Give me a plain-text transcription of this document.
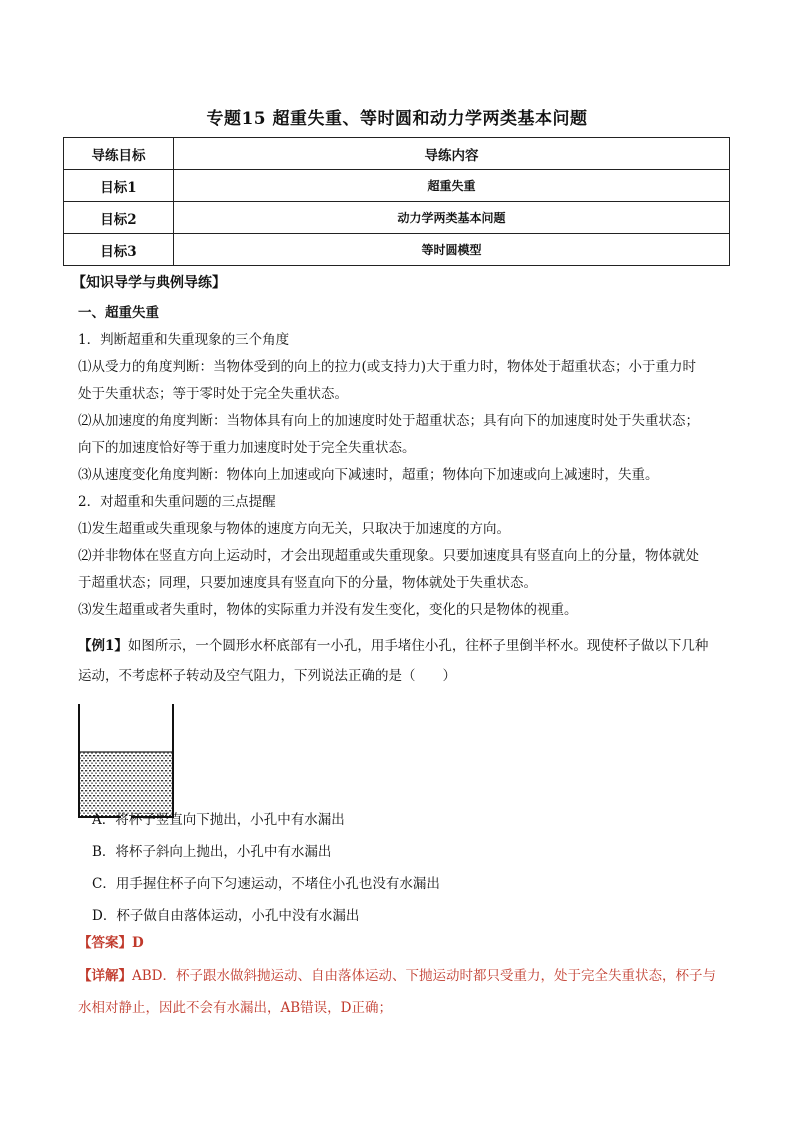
专题15 超重失重、等时圆和动力学两类基本问题
导练目标	导练内容
目标1	超重失重
目标2	动力学两类基本问题
目标3	等时圆模型
【知识导学与典例导练】
一、超重失重
1．判断超重和失重现象的三个角度
⑴从受力的角度判断：当物体受到的向上的拉力(或支持力)大于重力时，物体处于超重状态；小于重力时
处于失重状态；等于零时处于完全失重状态。
⑵从加速度的角度判断：当物体具有向上的加速度时处于超重状态；具有向下的加速度时处于失重状态；
向下的加速度恰好等于重力加速度时处于完全失重状态。
⑶从速度变化角度判断：物体向上加速或向下减速时，超重；物体向下加速或向上减速时，失重。
2．对超重和失重问题的三点提醒
⑴发生超重或失重现象与物体的速度方向无关，只取决于加速度的方向。
⑵并非物体在竖直方向上运动时，才会出现超重或失重现象。只要加速度具有竖直向上的分量，物体就处
于超重状态；同理，只要加速度具有竖直向下的分量，物体就处于失重状态。
⑶发生超重或者失重时，物体的实际重力并没有发生变化，变化的只是物体的视重。
【例1】如图所示，一个圆形水杯底部有一小孔，用手堵住小孔，往杯子里倒半杯水。现使杯子做以下几种
运动，不考虑杯子转动及空气阻力，下列说法正确的是（　　）
A．将杯子竖直向下抛出，小孔中有水漏出
B．将杯子斜向上抛出，小孔中有水漏出
C．用手握住杯子向下匀速运动，不堵住小孔也没有水漏出
D．杯子做自由落体运动，小孔中没有水漏出
【答案】D
【详解】ABD．杯子跟水做斜抛运动、自由落体运动、下抛运动时都只受重力，处于完全失重状态，杯子与
水相对静止，因此不会有水漏出，AB错误，D正确；
